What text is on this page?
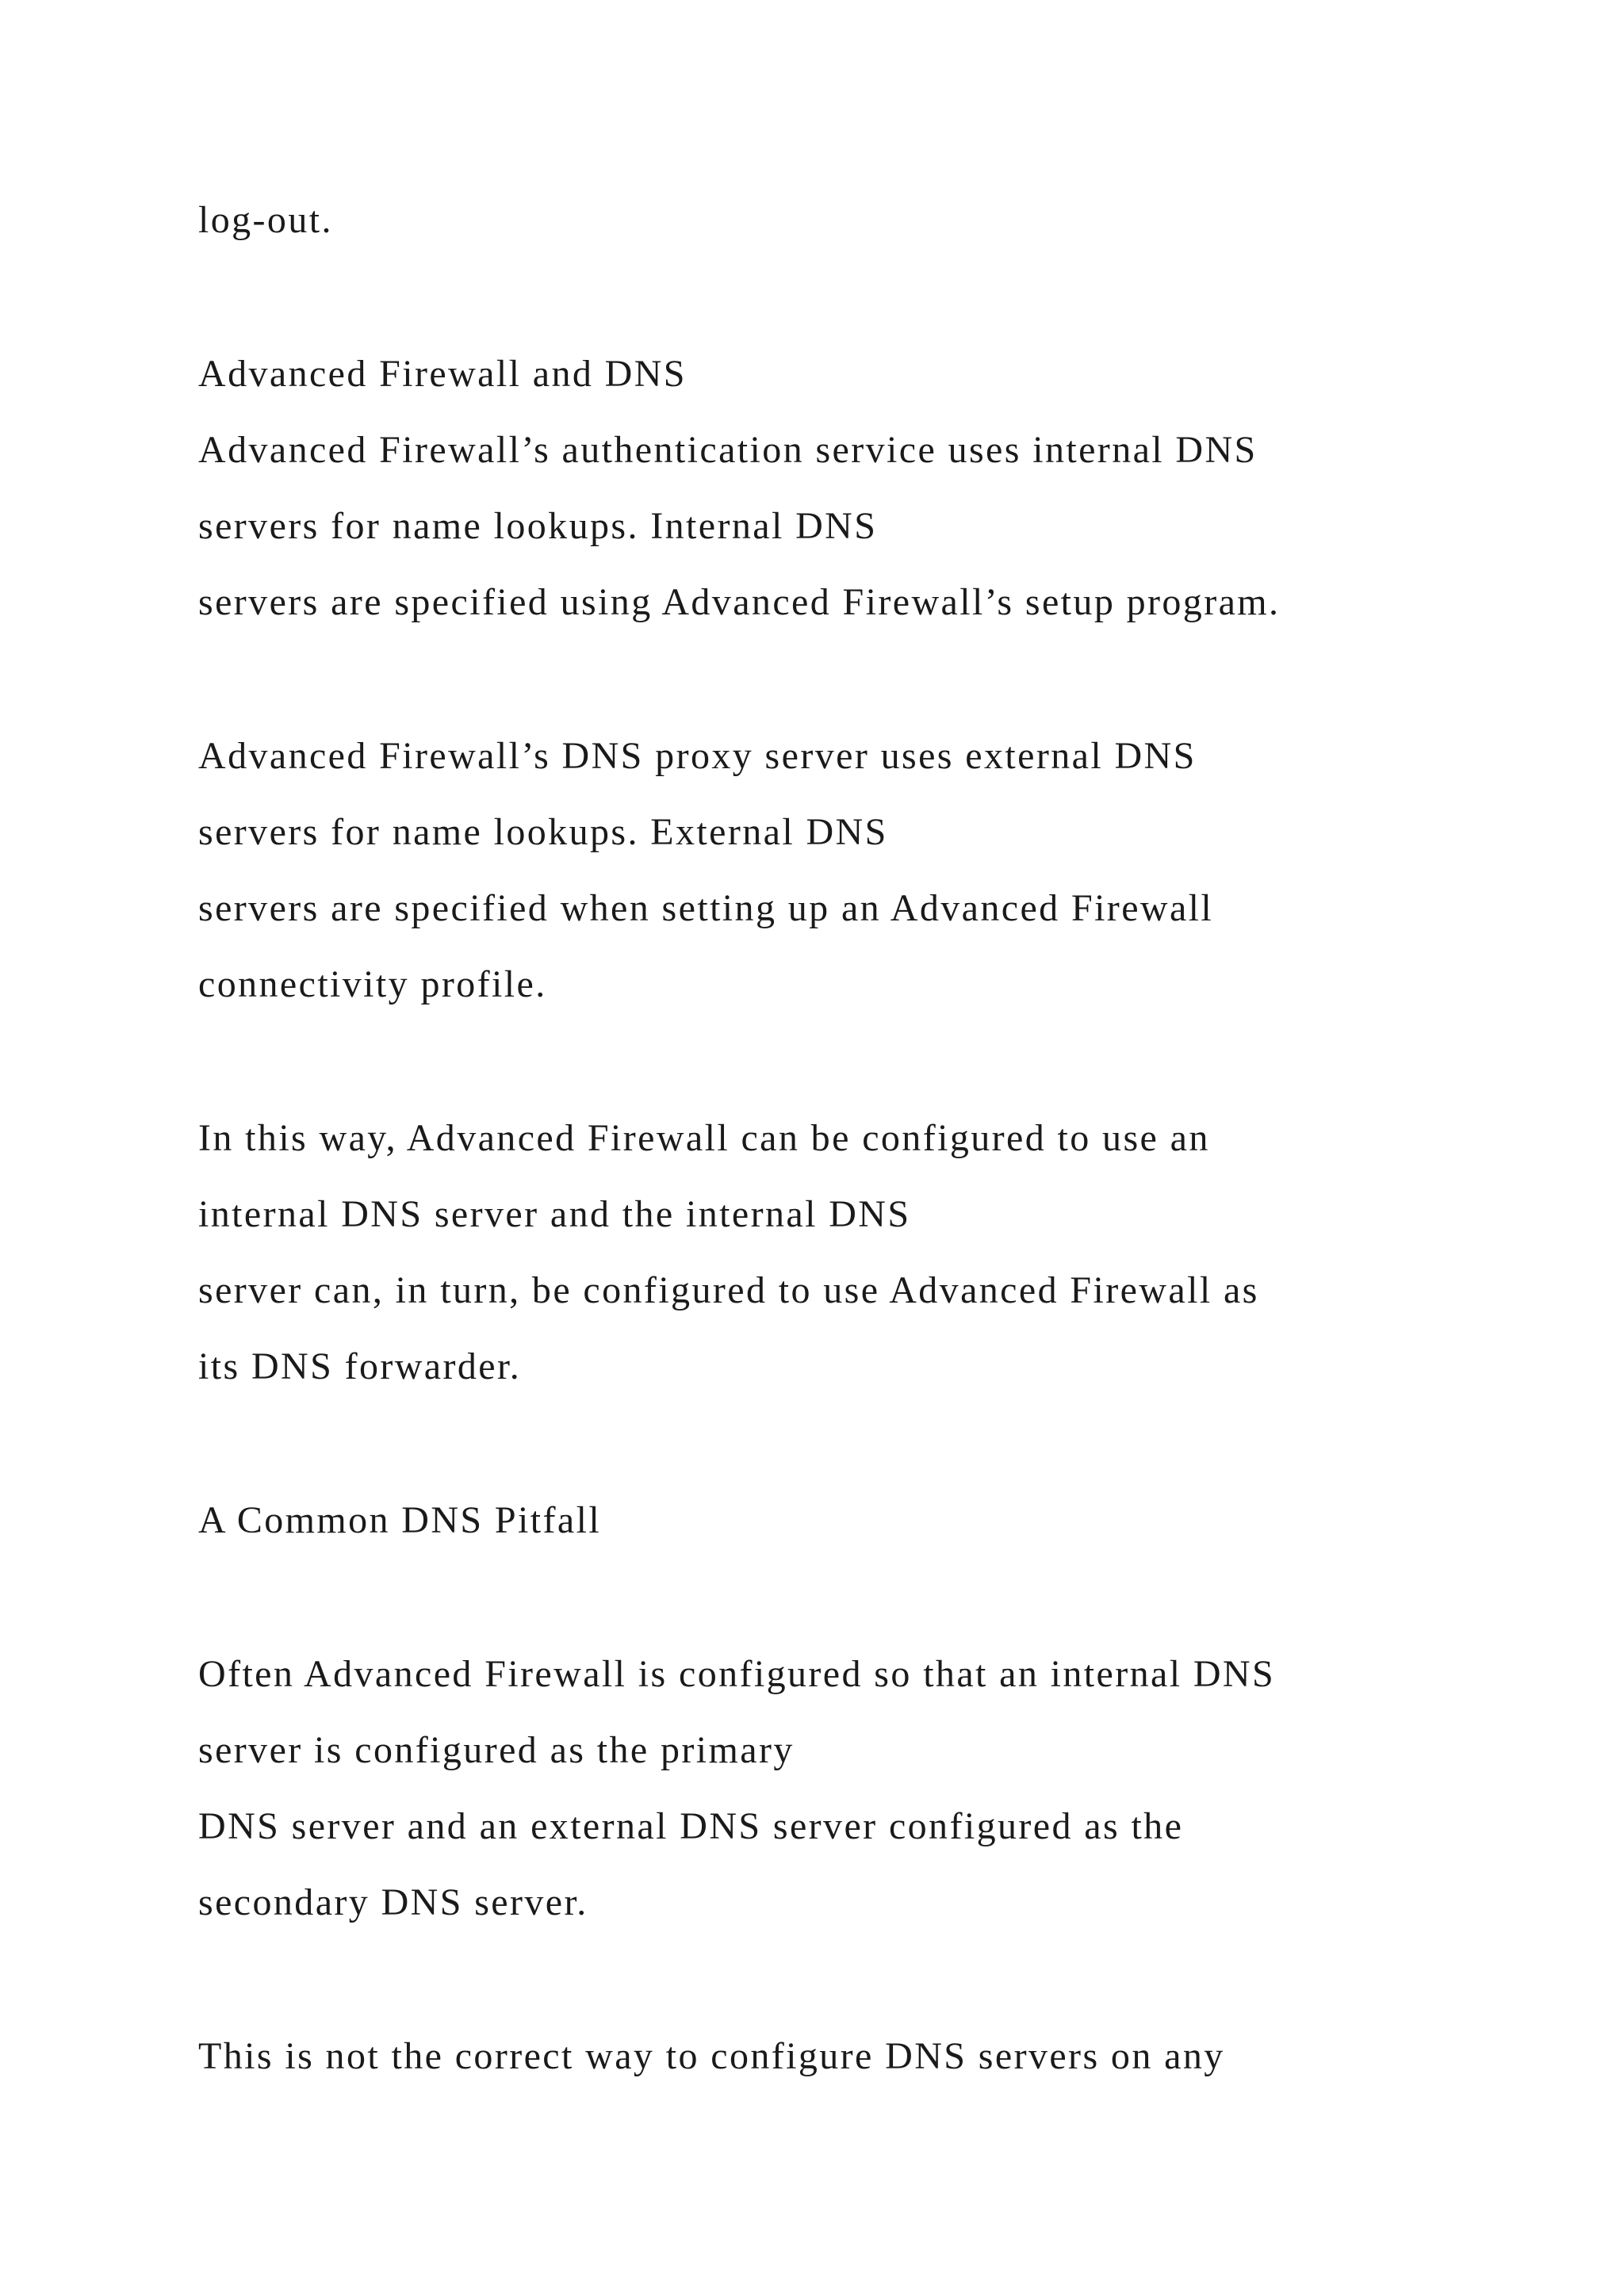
log-out.
Advanced Firewall and DNS
Advanced Firewall’s authentication service uses internal DNS
servers for name lookups. Internal DNS
servers are specified using Advanced Firewall’s setup program.
Advanced Firewall’s DNS proxy server uses external DNS
servers for name lookups. External DNS
servers are specified when setting up an Advanced Firewall
connectivity profile.
In this way, Advanced Firewall can be configured to use an
internal DNS server and the internal DNS
server can, in turn, be configured to use Advanced Firewall as
its DNS forwarder.
A Common DNS Pitfall
Often Advanced Firewall is configured so that an internal DNS
server is configured as the primary
DNS server and an external DNS server configured as the
secondary DNS server.
This is not the correct way to configure DNS servers on any
